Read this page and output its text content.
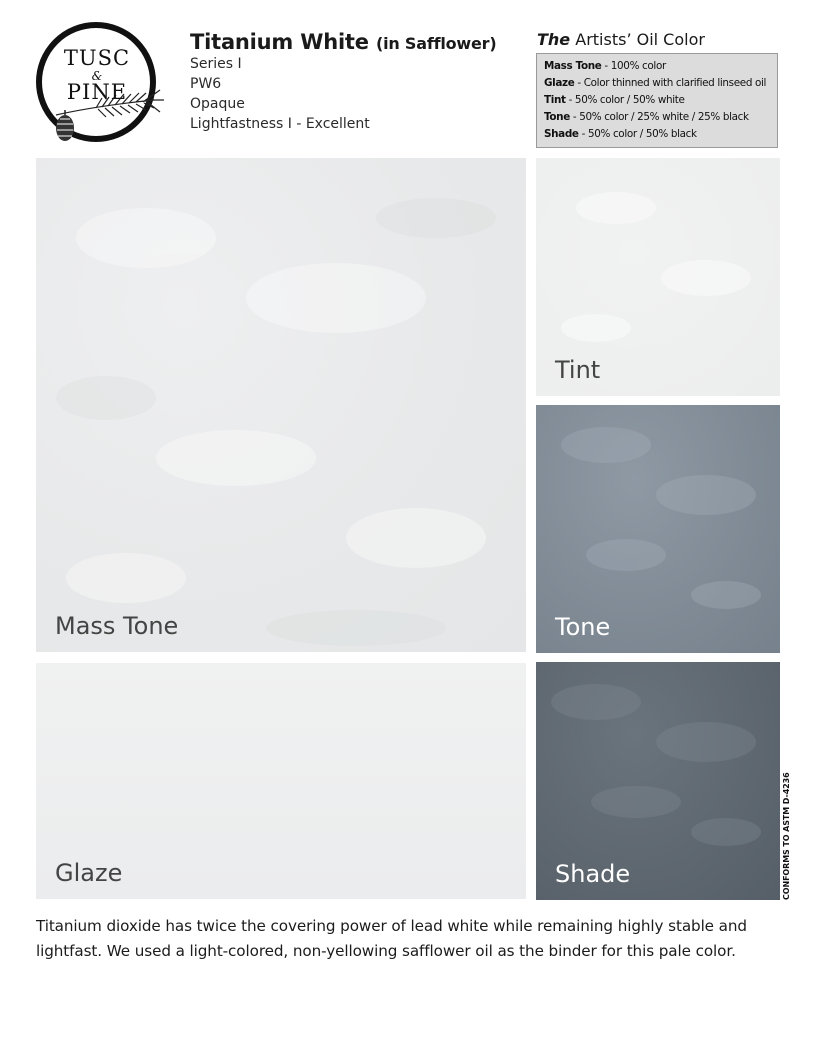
TUSC
&
PINE
Titanium White (in Safflower)
Series I
PW6
Opaque
Lightfastness I - Excellent
The Artists’ Oil Color
Mass Tone - 100% color
Glaze - Color thinned with clarified linseed oil
Tint - 50% color / 50% white
Tone - 50% color / 25% white / 25% black
Shade - 50% color / 50% black
Mass Tone
Glaze
Tint
Tone
Shade	CONFORMS TO ASTM D-4236
Titanium dioxide has twice the covering power of lead white while remaining highly stable and lightfast. We used a light-colored, non-yellowing safflower oil as the binder for this pale color.
